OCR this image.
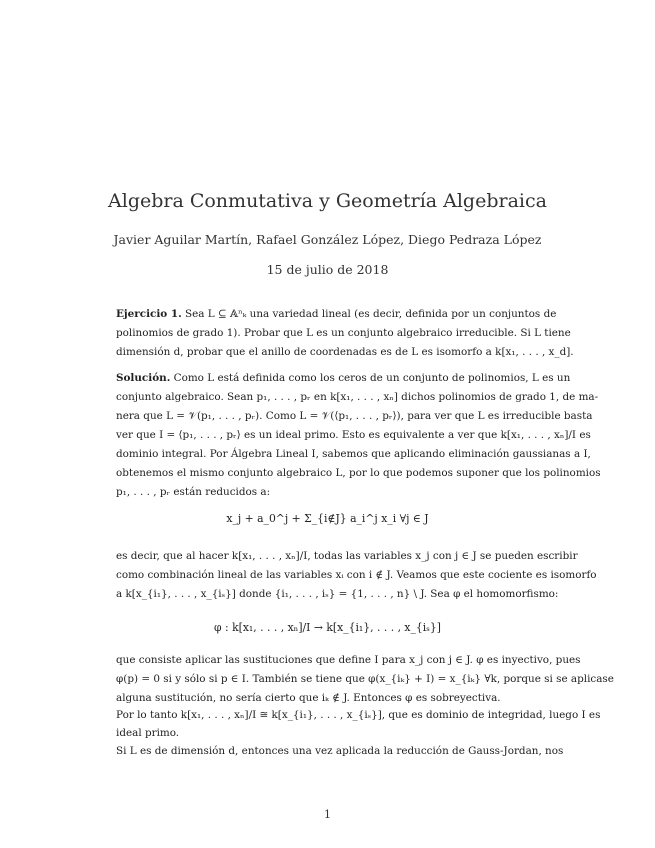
Algebra Conmutativa y Geometría Algebraica
Javier Aguilar Martín, Rafael González López, Diego Pedraza López
15 de julio de 2018
Ejercicio 1. Sea L ⊆ 𝔸ⁿₖ una variedad lineal (es decir, definida por un conjuntos de
polinomios de grado 1). Probar que L es un conjunto algebraico irreducible. Si L tiene
dimensión d, probar que el anillo de coordenadas es de L es isomorfo a k[x₁, . . . , x_d].
Solución. Como L está definida como los ceros de un conjunto de polinomios, L es un
conjunto algebraico. Sean p₁, . . . , pᵣ en k[x₁, . . . , xₙ] dichos polinomios de grado 1, de ma-
nera que L = 𝒱(p₁, . . . , pᵣ). Como L = 𝒱(⟨p₁, . . . , pᵣ⟩), para ver que L es irreducible basta
ver que I = ⟨p₁, . . . , pᵣ⟩ es un ideal primo. Esto es equivalente a ver que k[x₁, . . . , xₙ]/I es
dominio integral. Por Álgebra Lineal I, sabemos que aplicando eliminación gaussianas a I,
obtenemos el mismo conjunto algebraico L, por lo que podemos suponer que los polinomios
p₁, . . . , pᵣ están reducidos a:
x_j + a_0^j + Σ_{i∉J} a_i^j x_i ∀j ∈ J
es decir, que al hacer k[x₁, . . . , xₙ]/I, todas las variables x_j con j ∈ J se pueden escribir
como combinación lineal de las variables xᵢ con i ∉ J. Veamos que este cociente es isomorfo
a k[x_{i₁}, . . . , x_{iₛ}] donde {i₁, . . . , iₛ} = {1, . . . , n} \ J. Sea φ el homomorfismo:
φ : k[x₁, . . . , xₙ]/I → k[x_{i₁}, . . . , x_{iₛ}]
que consiste aplicar las sustituciones que define I para x_j con j ∈ J. φ es inyectivo, pues
φ(p) = 0 si y sólo si p ∈ I. También se tiene que φ(x_{iₖ} + I) = x_{iₖ} ∀k, porque si se aplicase
alguna sustitución, no sería cierto que iₖ ∉ J. Entonces φ es sobreyectiva.
Por lo tanto k[x₁, . . . , xₙ]/I ≅ k[x_{i₁}, . . . , x_{iₛ}], que es dominio de integridad, luego I es
ideal primo.
Si L es de dimensión d, entonces una vez aplicada la reducción de Gauss-Jordan, nos
1
